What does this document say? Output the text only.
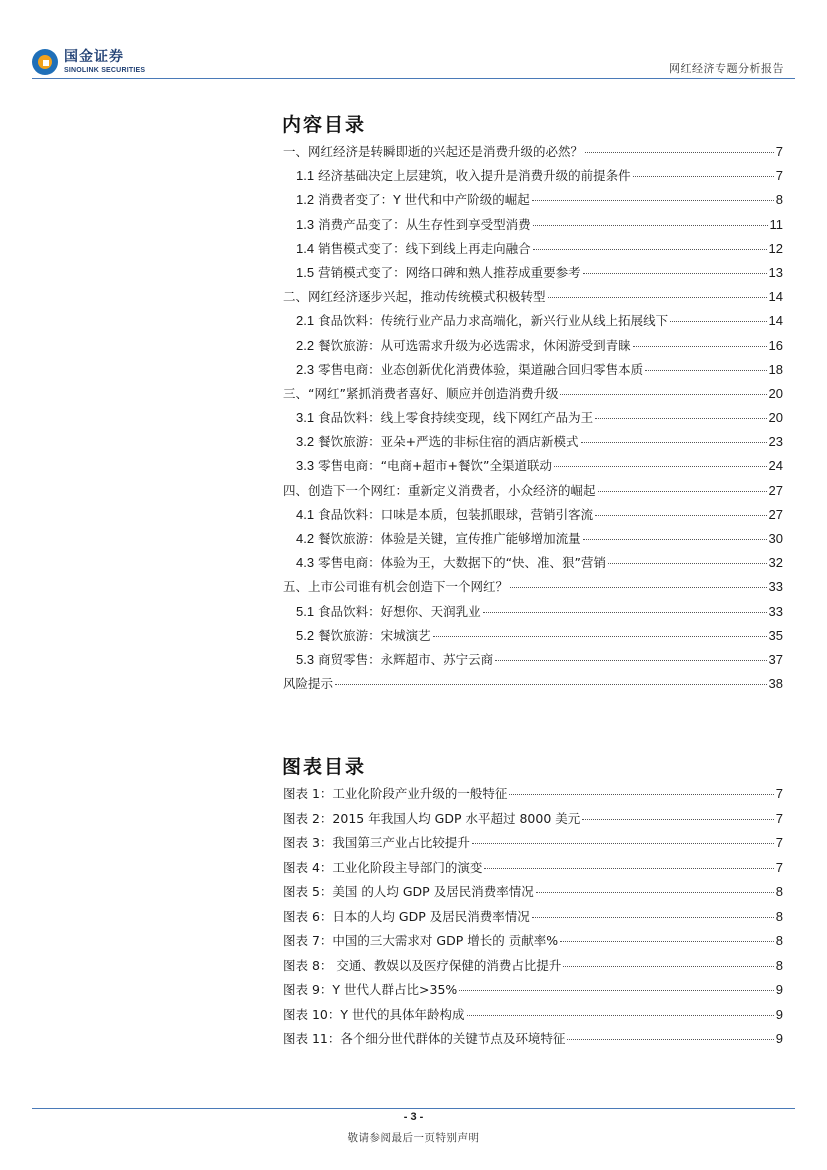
国金证券
SINOLINK SECURITIES	网红经济专题分析报告
内容目录
一、网红经济是转瞬即逝的兴起还是消费升级的必然？	7
1.1 经济基础决定上层建筑，收入提升是消费升级的前提条件	7
1.2 消费者变了：Y 世代和中产阶级的崛起	8
1.3 消费产品变了：从生存性到享受型消费	11
1.4 销售模式变了：线下到线上再走向融合	12
1.5 营销模式变了：网络口碑和熟人推荐成重要参考	13
二、网红经济逐步兴起，推动传统模式积极转型	14
2.1 食品饮料：传统行业产品力求高端化，新兴行业从线上拓展线下	14
2.2 餐饮旅游：从可选需求升级为必选需求，休闲游受到青睐	16
2.3 零售电商：业态创新优化消费体验，渠道融合回归零售本质	18
三、“网红”紧抓消费者喜好、顺应并创造消费升级	20
3.1 食品饮料：线上零食持续变现，线下网红产品为王	20
3.2 餐饮旅游：亚朵+严选的非标住宿的酒店新模式	23
3.3 零售电商：“电商+超市+餐饮”全渠道联动	24
四、创造下一个网红：重新定义消费者，小众经济的崛起	27
4.1 食品饮料：口味是本质，包装抓眼球，营销引客流	27
4.2 餐饮旅游：体验是关键，宣传推广能够增加流量	30
4.3 零售电商：体验为王，大数据下的“快、准、狠”营销	32
五、上市公司谁有机会创造下一个网红？	33
5.1 食品饮料：好想你、天润乳业	33
5.2 餐饮旅游：宋城演艺	35
5.3 商贸零售：永辉超市、苏宁云商	37
风险提示	38
图表目录
图表 1：工业化阶段产业升级的一般特征	7
图表 2：2015 年我国人均 GDP 水平超过 8000 美元	7
图表 3：我国第三产业占比较提升	7
图表 4：工业化阶段主导部门的演变	7
图表 5：美国 的人均 GDP 及居民消费率情况	8
图表 6：日本的人均 GDP 及居民消费率情况	8
图表 7：中国的三大需求对 GDP 增长的 贡献率%	8
图表 8： 交通、教娱以及医疗保健的消费占比提升	8
图表 9：Y 世代人群占比>35%	9
图表 10：Y 世代的具体年龄构成	9
图表 11：各个细分世代群体的关键节点及环境特征	9
- 3 -
敬请参阅最后一页特别声明
